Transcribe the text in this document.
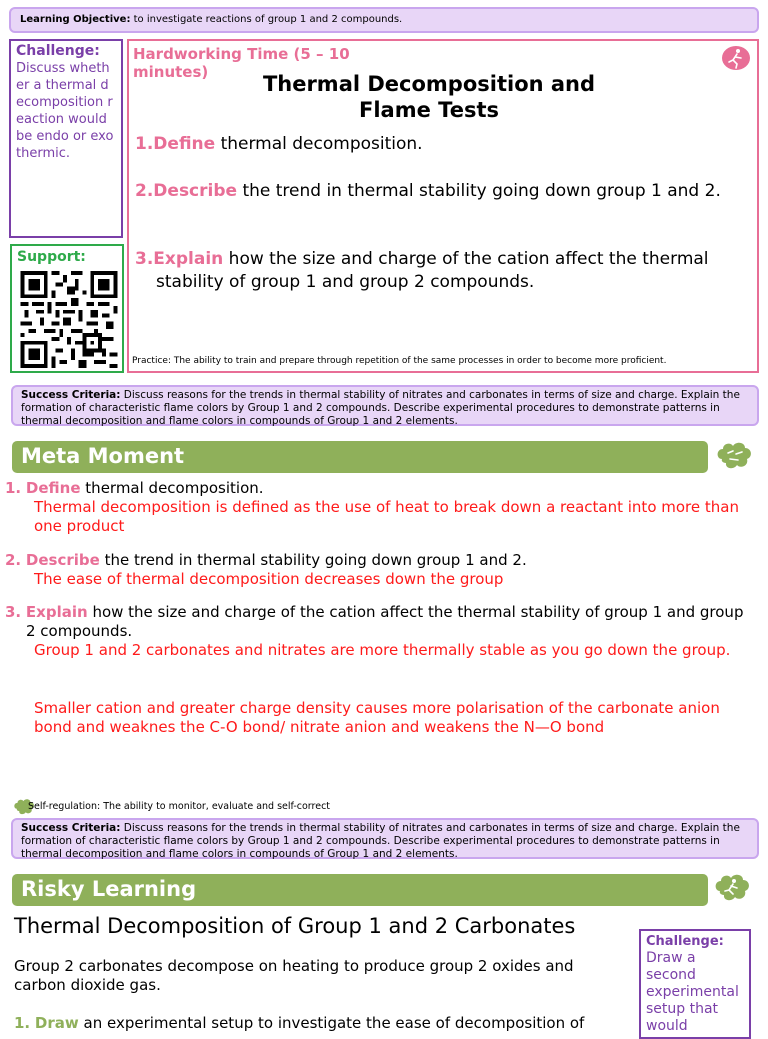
Learning Objective: to investigate reactions of group 1 and 2 compounds.
Challenge:
Discuss whether a thermal decomposition reaction would be endo or exothermic.
Support:
Hardworking Time (5 – 10 minutes)	Thermal Decomposition and Flame Tests
1.Define thermal decomposition.
2.Describe the trend in thermal stability going down group 1 and 2.
3.Explain how the size and charge of the cation affect the thermal stability of group 1 and group 2 compounds.
Practice: The ability to train and prepare through repetition of the same processes in order to become more proficient.
Success Criteria: Discuss reasons for the trends in thermal stability of nitrates and carbonates in terms of size and charge. Explain the formation of characteristic flame colors by Group 1 and 2 compounds. Describe experimental procedures to demonstrate patterns in thermal decomposition and flame colors in compounds of Group 1 and 2 elements.
Meta Moment
1. Define thermal decomposition.
Thermal decomposition is defined as the use of heat to break down a reactant into more than one product
2. Describe the trend in thermal stability going down group 1 and 2.
The ease of thermal decomposition decreases down the group
3. Explain how the size and charge of the cation affect the thermal stability of group 1 and group 2 compounds.
Group 1 and 2 carbonates and nitrates are more thermally stable as you go down the group.
Smaller cation and greater charge density causes more polarisation of the carbonate anion bond and weaknes the C-O bond/ nitrate anion and weakens the N—O bond
Self-regulation: The ability to monitor, evaluate and self-correct
Success Criteria: Discuss reasons for the trends in thermal stability of nitrates and carbonates in terms of size and charge. Explain the formation of characteristic flame colors by Group 1 and 2 compounds. Describe experimental procedures to demonstrate patterns in thermal decomposition and flame colors in compounds of Group 1 and 2 elements.
Risky Learning
Thermal Decomposition of Group 1 and 2 Carbonates
Group 2 carbonates decompose on heating to produce group 2 oxides and carbon dioxide gas.
1. Draw an experimental setup to investigate the ease of decomposition of
Challenge:
Draw a second experimental setup that would
